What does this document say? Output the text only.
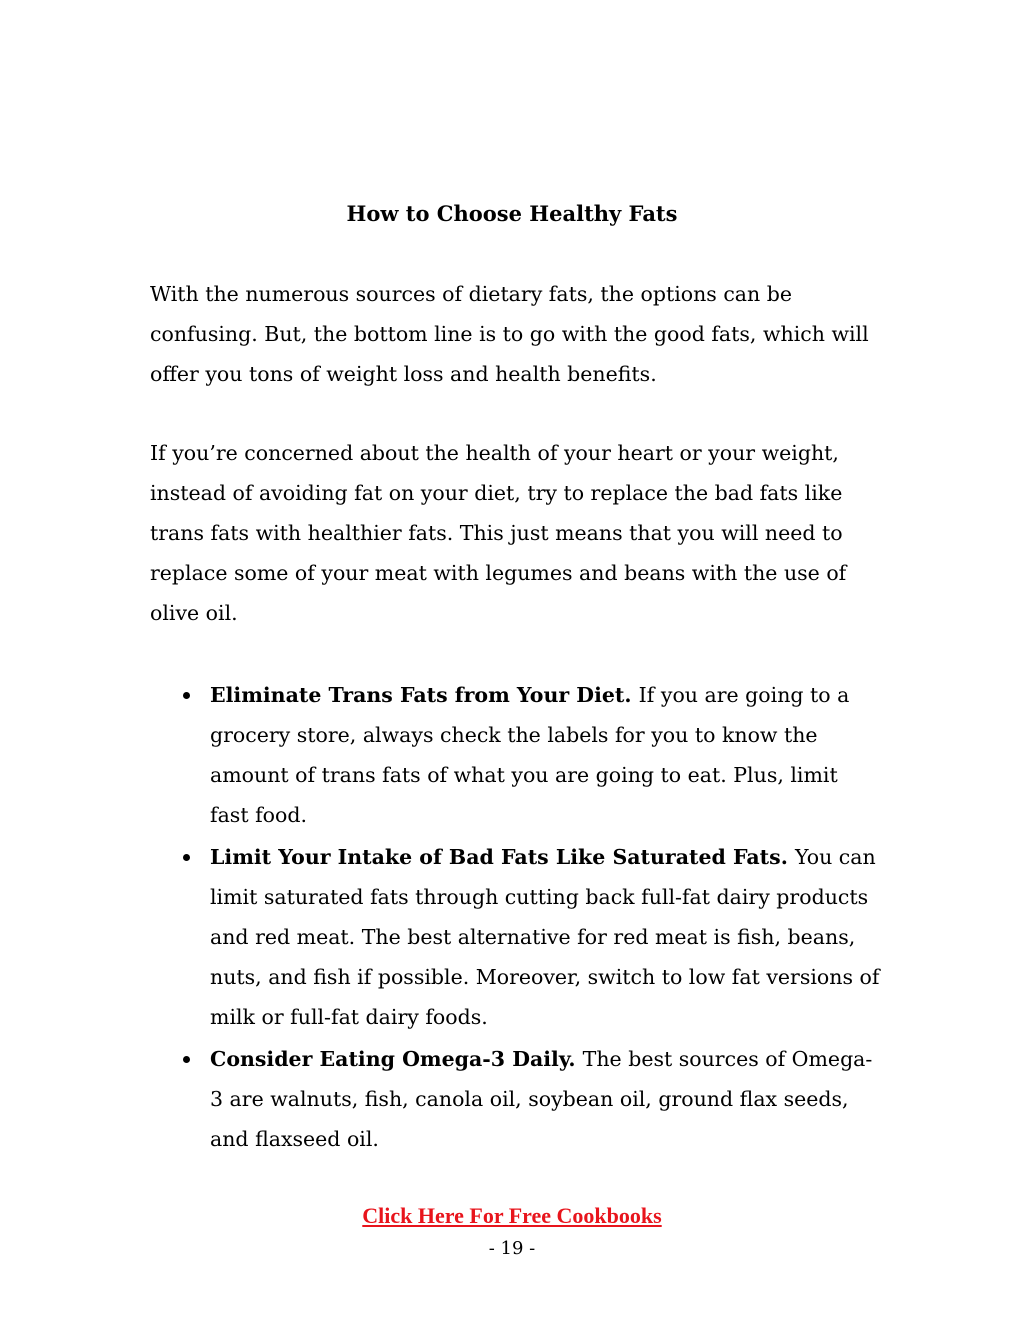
How to Choose Healthy Fats

With the numerous sources of dietary fats, the options can be confusing. But, the bottom line is to go with the good fats, which will offer you tons of weight loss and health benefits.

If you’re concerned about the health of your heart or your weight, instead of avoiding fat on your diet, try to replace the bad fats like trans fats with healthier fats. This just means that you will need to replace some of your meat with legumes and beans with the use of olive oil.

Eliminate Trans Fats from Your Diet. If you are going to a grocery store, always check the labels for you to know the amount of trans fats of what you are going to eat. Plus, limit fast food.
Limit Your Intake of Bad Fats Like Saturated Fats. You can limit saturated fats through cutting back full-fat dairy products and red meat. The best alternative for red meat is fish, beans, nuts, and fish if possible. Moreover, switch to low fat versions of milk or full-fat dairy foods.
Consider Eating Omega-3 Daily. The best sources of Omega-3 are walnuts, fish, canola oil, soybean oil, ground flax seeds, and flaxseed oil.
Click Here For Free Cookbooks
- 19 -
